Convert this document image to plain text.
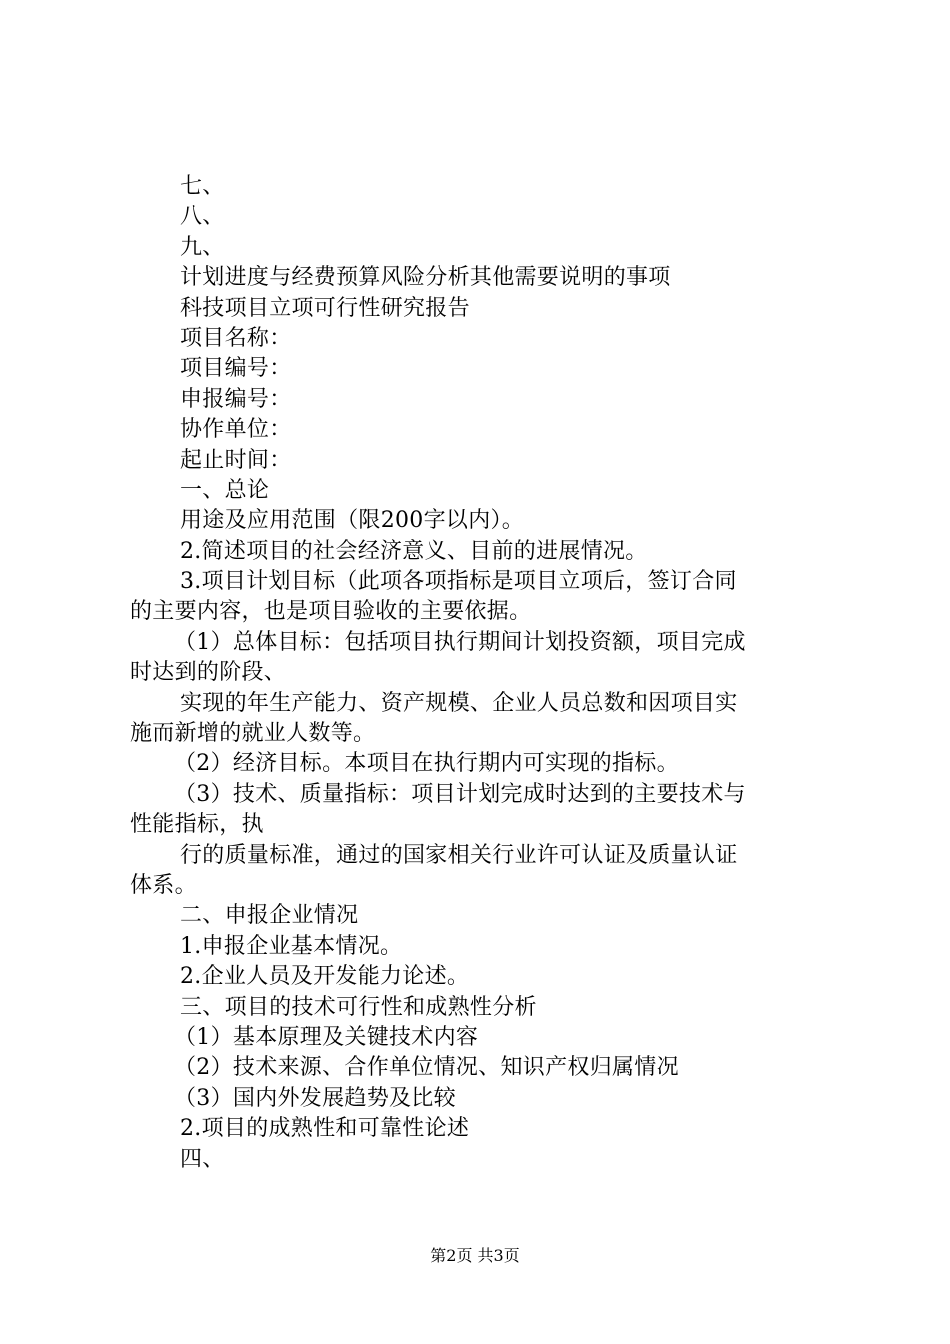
七、
八、
九、
计划进度与经费预算风险分析其他需要说明的事项
科技项目立项可行性研究报告
项目名称：
项目编号：
申报编号：
协作单位：
起止时间：
一、总论
用途及应用范围（限200字以内）。
2.简述项目的社会经济意义、目前的进展情况。
3.项目计划目标（此项各项指标是项目立项后，签订合同
的主要内容，也是项目验收的主要依据。
（1）总体目标：包括项目执行期间计划投资额，项目完成
时达到的阶段、
实现的年生产能力、资产规模、企业人员总数和因项目实
施而新增的就业人数等。
（2）经济目标。本项目在执行期内可实现的指标。
（3）技术、质量指标：项目计划完成时达到的主要技术与
性能指标，执
行的质量标准，通过的国家相关行业许可认证及质量认证
体系。
二、申报企业情况
1.申报企业基本情况。
2.企业人员及开发能力论述。
三、项目的技术可行性和成熟性分析
（1）基本原理及关键技术内容
（2）技术来源、合作单位情况、知识产权归属情况
（3）国内外发展趋势及比较
2.项目的成熟性和可靠性论述
四、
第2页 共3页
